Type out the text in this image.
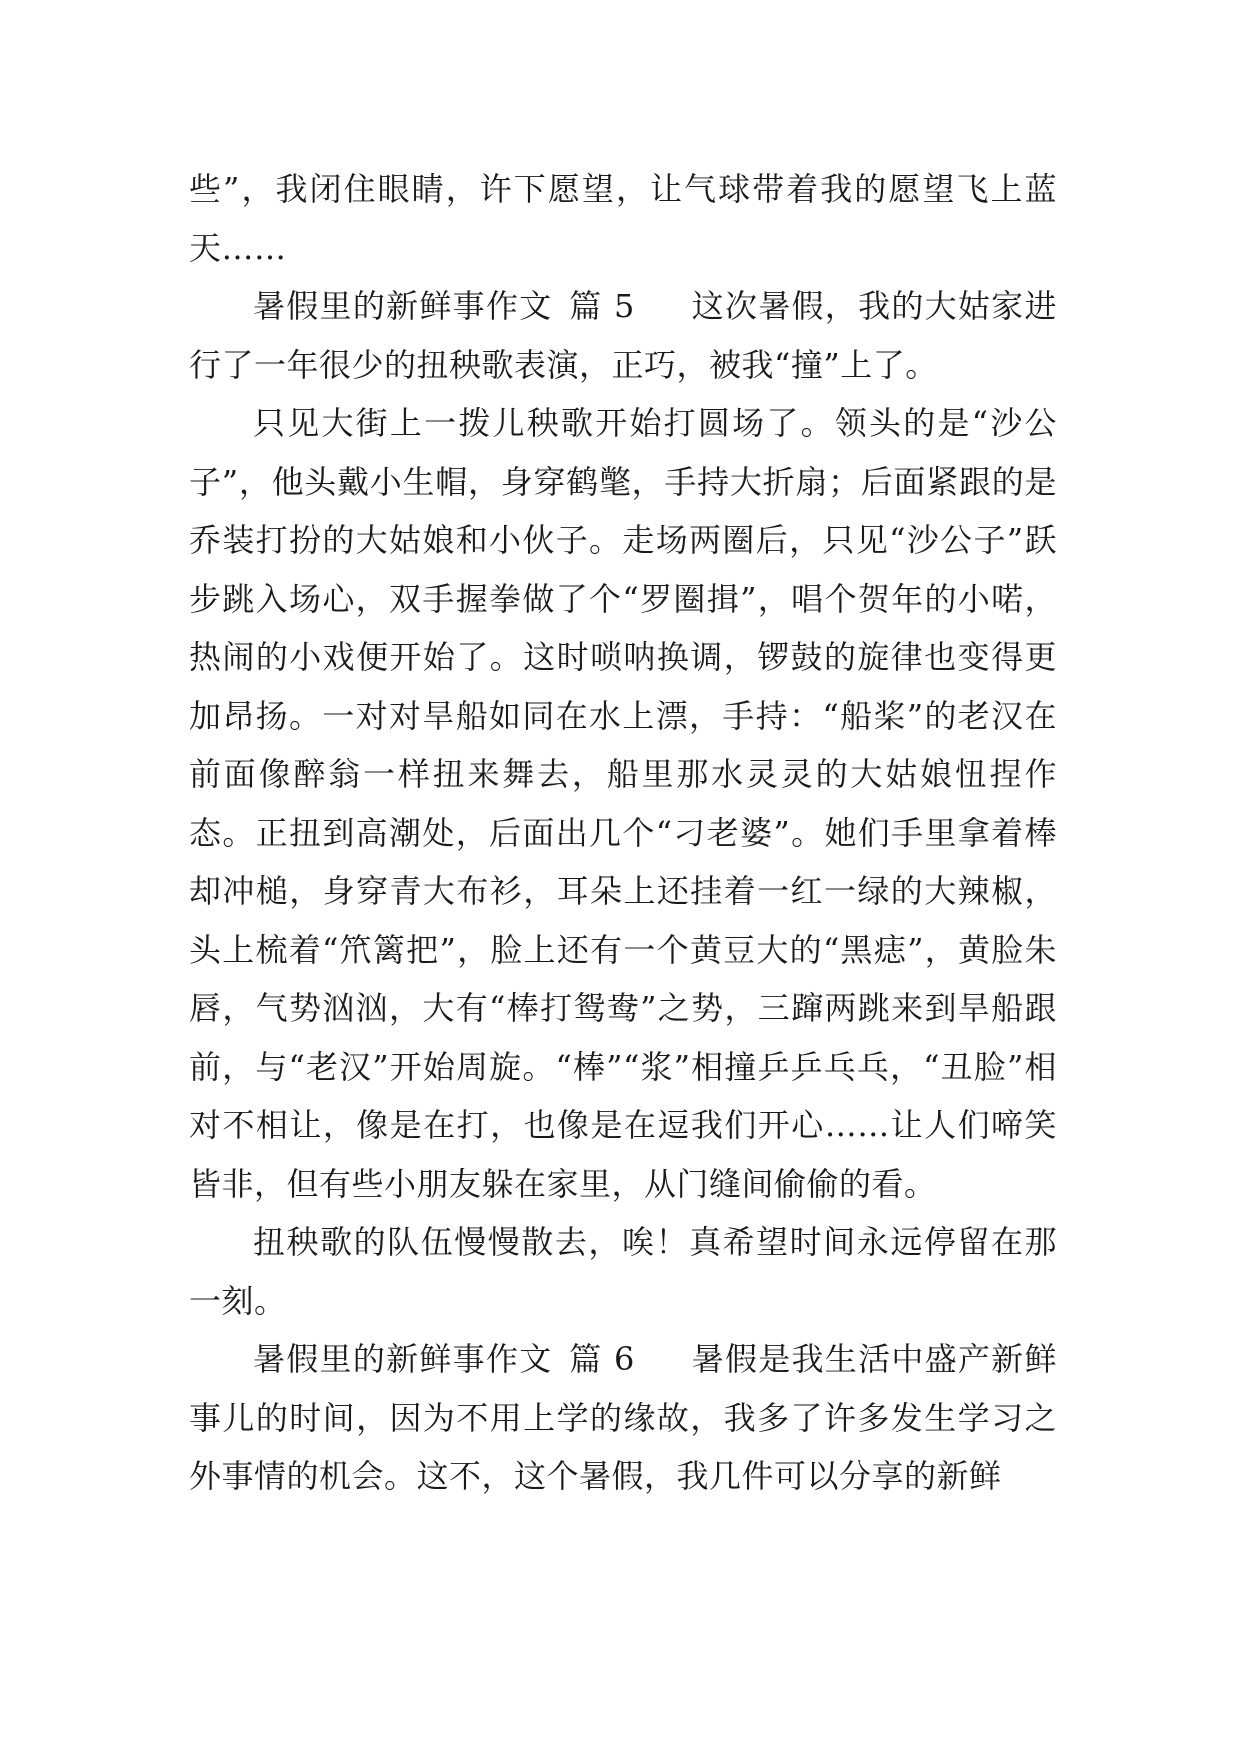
些”，我闭住眼睛，许下愿望，让气球带着我的愿望飞上蓝天……

暑假里的新鲜事作文 篇 5 这次暑假，我的大姑家进行了一年很少的扭秧歌表演，正巧，被我“撞”上了。

只见大街上一拨儿秧歌开始打圆场了。领头的是“沙公子”，他头戴小生帽，身穿鹤氅，手持大折扇；后面紧跟的是乔装打扮的大姑娘和小伙子。走场两圈后，只见“沙公子”跃步跳入场心，双手握拳做了个“罗圈揖”，唱个贺年的小喏，热闹的小戏便开始了。这时唢呐换调，锣鼓的旋律也变得更加昂扬。一对对旱船如同在水上漂，手持：“船桨”的老汉在前面像醉翁一样扭来舞去，船里那水灵灵的大姑娘忸捏作态。正扭到高潮处，后面出几个“刁老婆”。她们手里拿着棒却冲槌，身穿青大布衫，耳朵上还挂着一红一绿的大辣椒，头上梳着“笊篱把”，脸上还有一个黄豆大的“黑痣”，黄脸朱唇，气势汹汹，大有“棒打鸳鸯”之势，三蹿两跳来到旱船跟前，与“老汉”开始周旋。“棒”“浆”相撞乒乒乓乓，“丑脸”相对不相让，像是在打，也像是在逗我们开心……让人们啼笑皆非，但有些小朋友躲在家里，从门缝间偷偷的看。

扭秧歌的队伍慢慢散去，唉！真希望时间永远停留在那一刻。

暑假里的新鲜事作文 篇 6 暑假是我生活中盛产新鲜事儿的时间，因为不用上学的缘故，我多了许多发生学习之外事情的机会。这不，这个暑假，我几件可以分享的新鲜
